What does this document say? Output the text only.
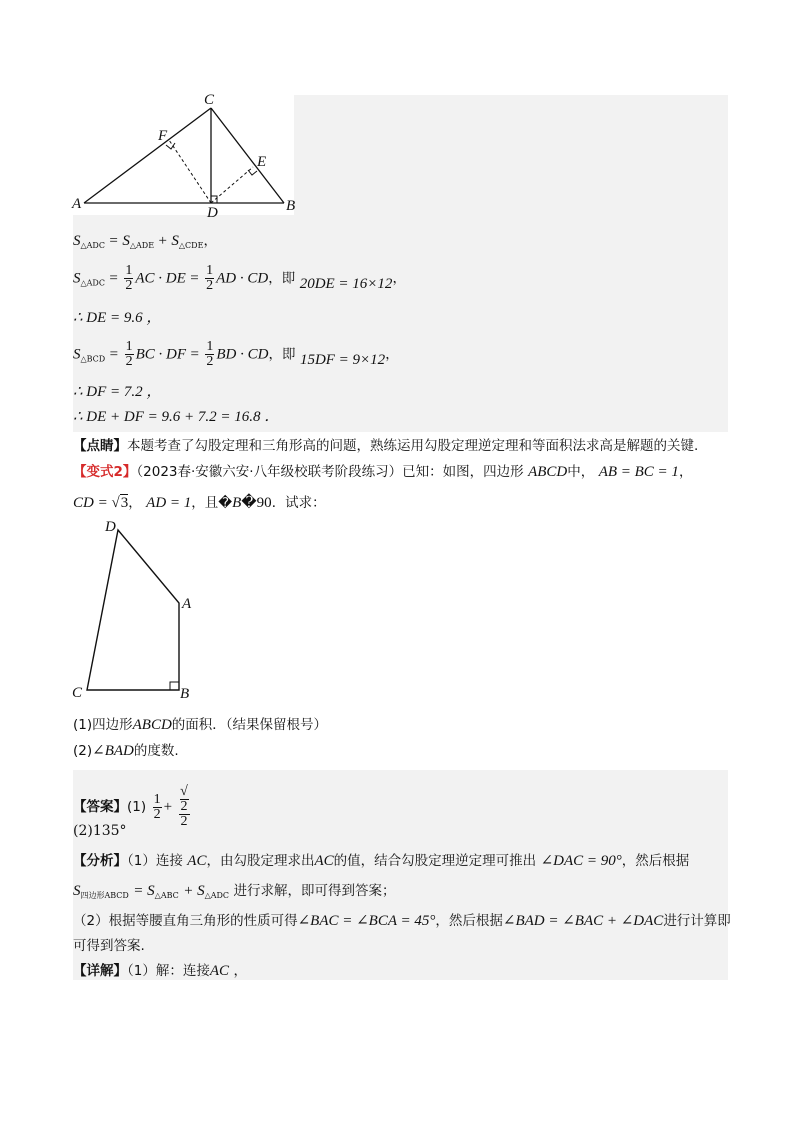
C
F
E
A	B
D
$S_{\triangle ADC} = S_{\triangle ADE} + S_{\triangle CDE}$，
$S_{\triangle ADC} = \frac{1}{2}$ AC · DE = $\frac{1}{2}$ AD · CD，即 20DE = 16×12，
∴ DE = 9.6 ，
$S_{\triangle BCD} = \frac{1}{2}$ BC · DF = $\frac{1}{2}$ BD · CD，即 15DF = 9×12，
∴ DF = 7.2 ，
∴ DE + DF = 9.6 + 7.2 = 16.8 ．
【点睛】本题考查了勾股定理和三角形高的问题，熟练运用勾股定理逆定理和等面积法求高是解题的关键.
【变式2】（2023春·安徽六安·八年级校联考阶段练习）已知：如图，四边形 ABCD中， AB = BC = 1，
CD = √3， AD = 1，且�B�90．试求：
D
A
C	B
(1)四边形ABCD的面积．（结果保留根号）
(2)∠BAD的度数.
【答案】$(1) \frac{1}{2}$ + √
2
2
(2)135°
【分析】（1）连接 AC，由勾股定理求出AC的值，结合勾股定理逆定理可推出 ∠DAC = 90°，然后根据
$S_{四边形ABCD} = S_{\triangle ABC} + S_{\triangle ADC}$ 进行求解，即可得到答案；
（2）根据等腰直角三角形的性质可得∠BAC = ∠BCA = 45°，然后根据∠BAD = ∠BAC + ∠DAC进行计算即
可得到答案.
【详解】（1）解：连接AC ，
